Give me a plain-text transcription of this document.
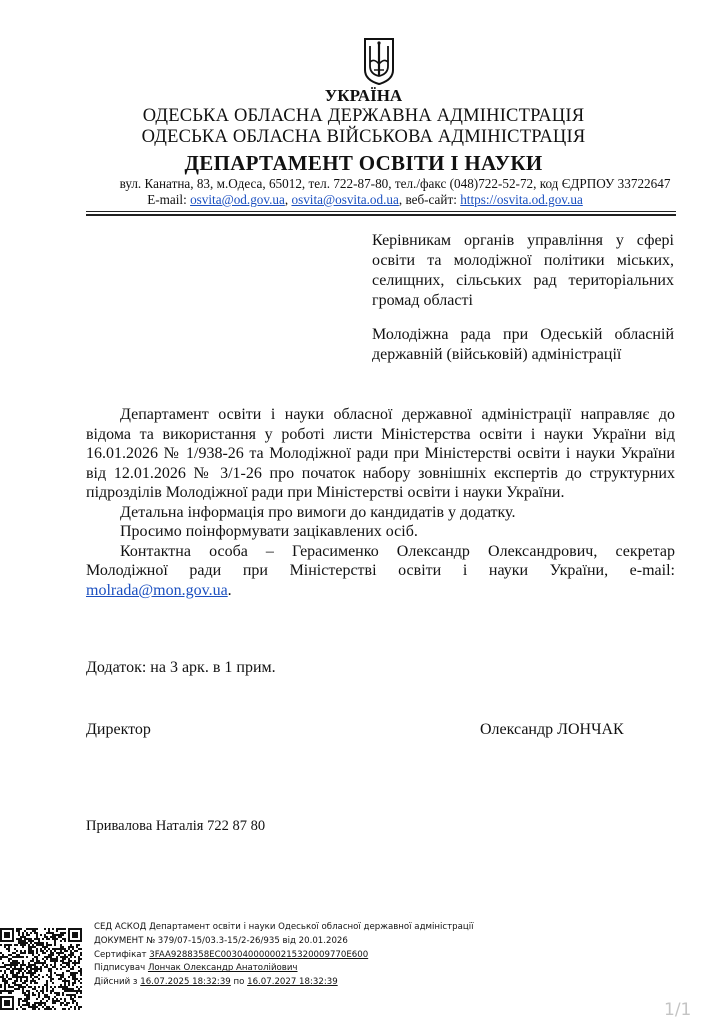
УКРАЇНА
ОДЕСЬКА ОБЛАСНА ДЕРЖАВНА АДМІНІСТРАЦІЯ
ОДЕСЬКА ОБЛАСНА ВІЙСЬКОВА АДМІНІСТРАЦІЯ
ДЕПАРТАМЕНТ ОСВІТИ І НАУКИ
вул. Канатна, 83, м.Одеса, 65012, тел. 722-87-80, тел./факс (048)722-52-72, код ЄДРПОУ 33722647
E-mail: osvita@od.gov.ua, osvita@osvita.od.ua, веб-сайт: https://osvita.od.gov.ua
Керівникам органів управління у сфері освіти та молодіжної політики міських, селищних, сільських рад територіальних громад області
Молодіжна рада при Одеській обласній державній (військовій) адміністрації

Департамент освіти і науки обласної державної адміністрації направляє до відома та використання у роботі листи Міністерства освіти і науки України від 16.01.2026 № 1/938-26 та Молодіжної ради при Міністерстві освіти і науки України від 12.01.2026 № 3/1-26 про початок набору зовнішніх експертів до структурних підрозділів Молодіжної ради при Міністерстві освіти і науки України.

Детальна інформація про вимоги до кандидатів у додатку.

Просимо поінформувати зацікавлених осіб.

Контактна особа – Герасименко Олександр Олександрович, секретар Молодіжної ради при Міністерстві освіти і науки України, e-mail: molrada@mon.gov.ua.

Додаток: на 3 арк. в 1 прим.
Директор	Олександр ЛОНЧАК
Привалова Наталія 722 87 80
СЕД АСКОД Департамент освіти і науки Одеської обласної державної адміністрації
ДОКУМЕНТ № 379/07-15/03.3-15/2-26/935 від 20.01.2026
Сертифікат 3FAA9288358EC00304000000215320009770E600
Підписувач Лончак Олександр Анатолійович
Дійсний з 16.07.2025 18:32:39 по 16.07.2027 18:32:39
1/1
